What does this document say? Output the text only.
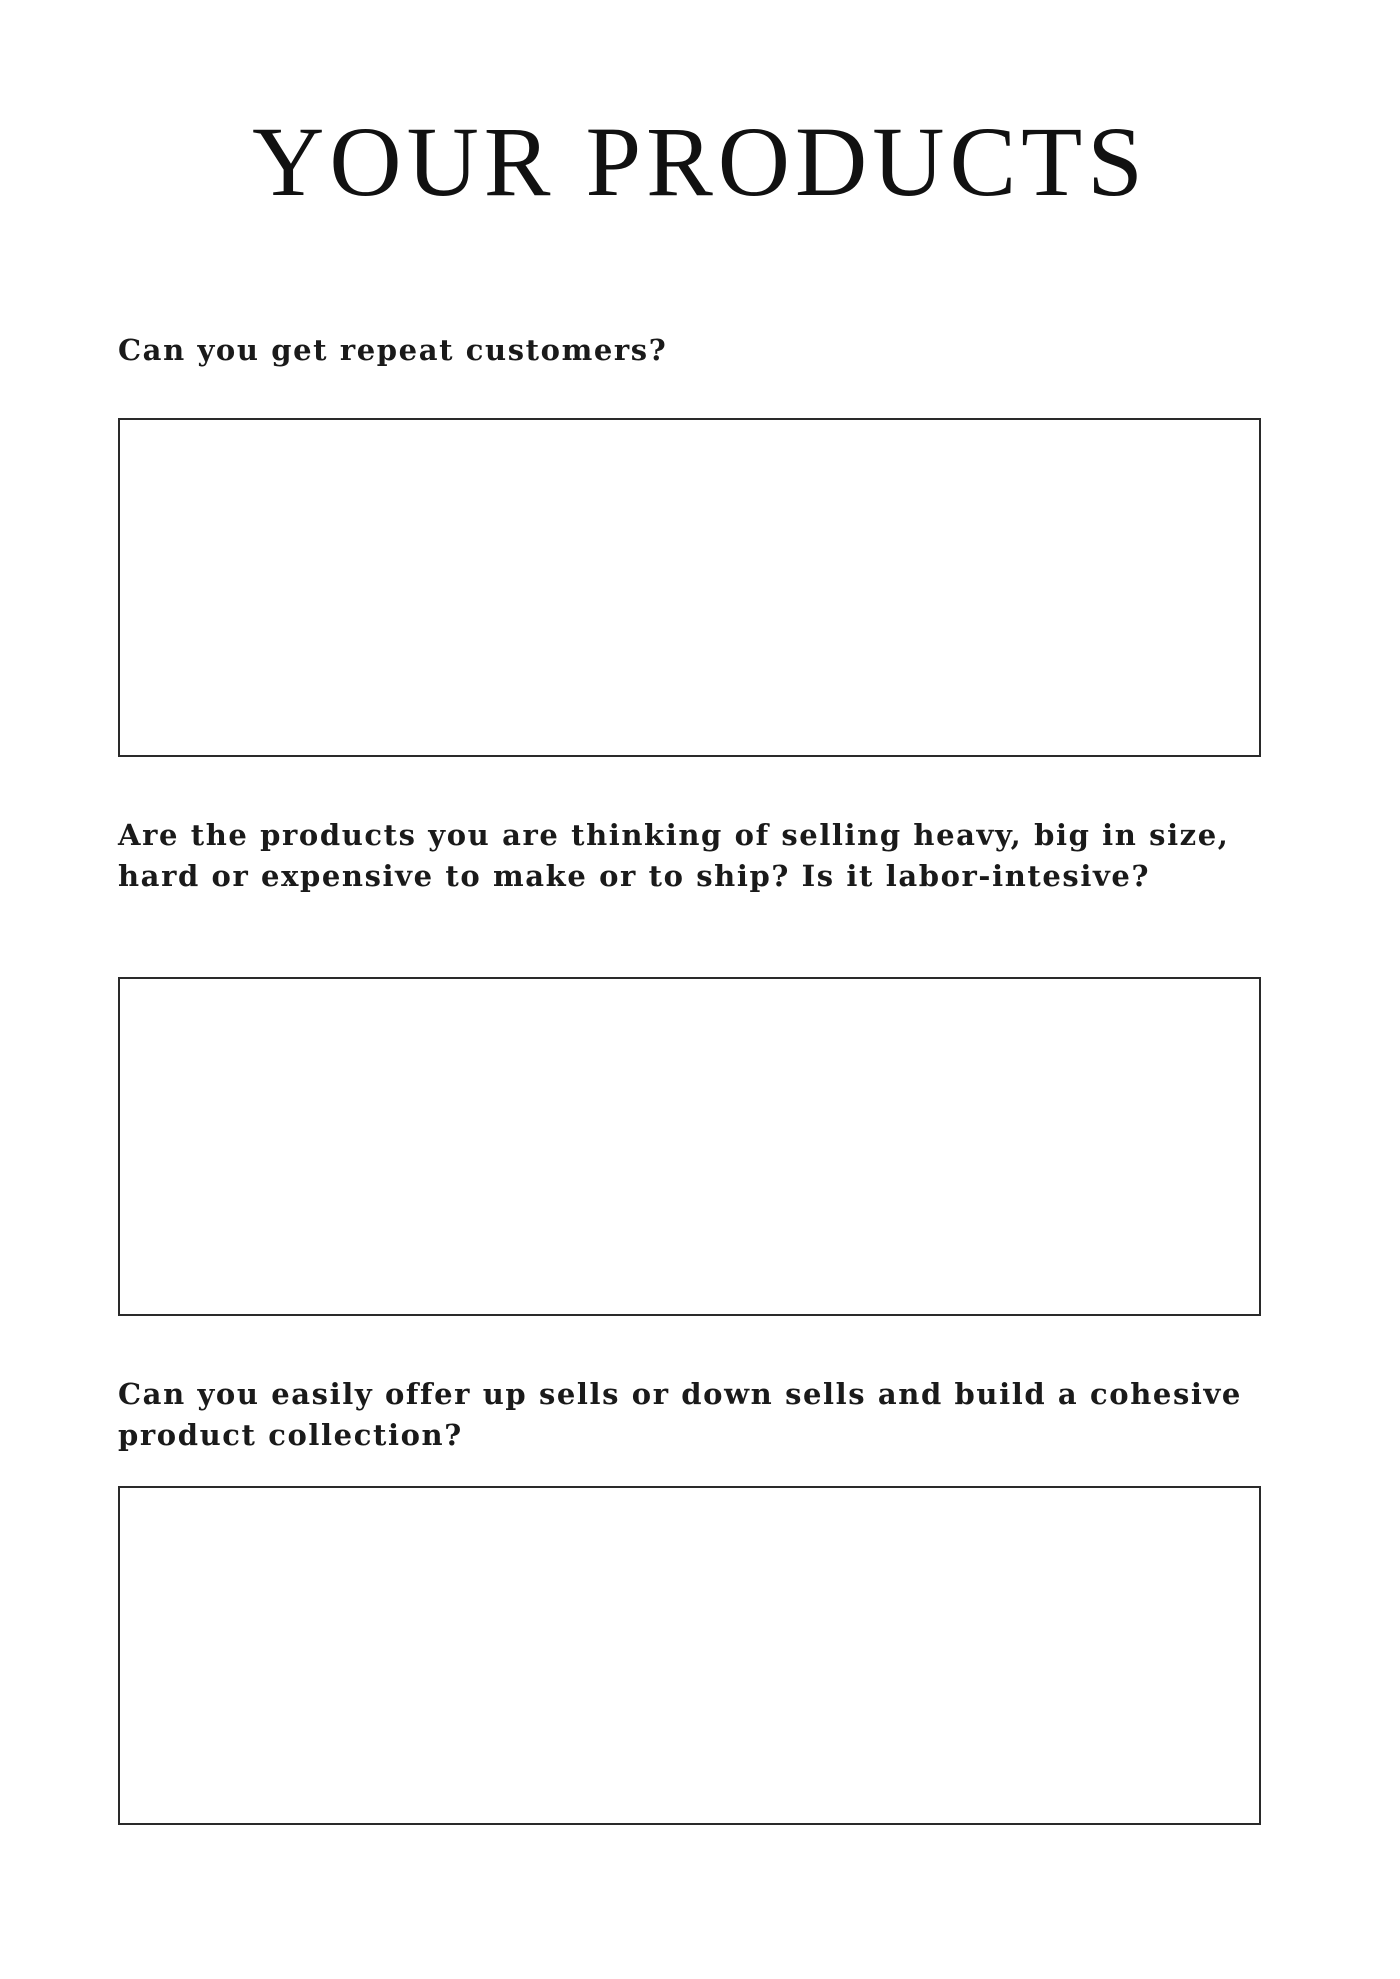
YOUR PRODUCTS

Can you get repeat customers?

Are the products you are thinking of selling heavy, big in size, hard or expensive to make or to ship? Is it labor-intesive?

Can you easily offer up sells or down sells and build a cohesive product collection?
